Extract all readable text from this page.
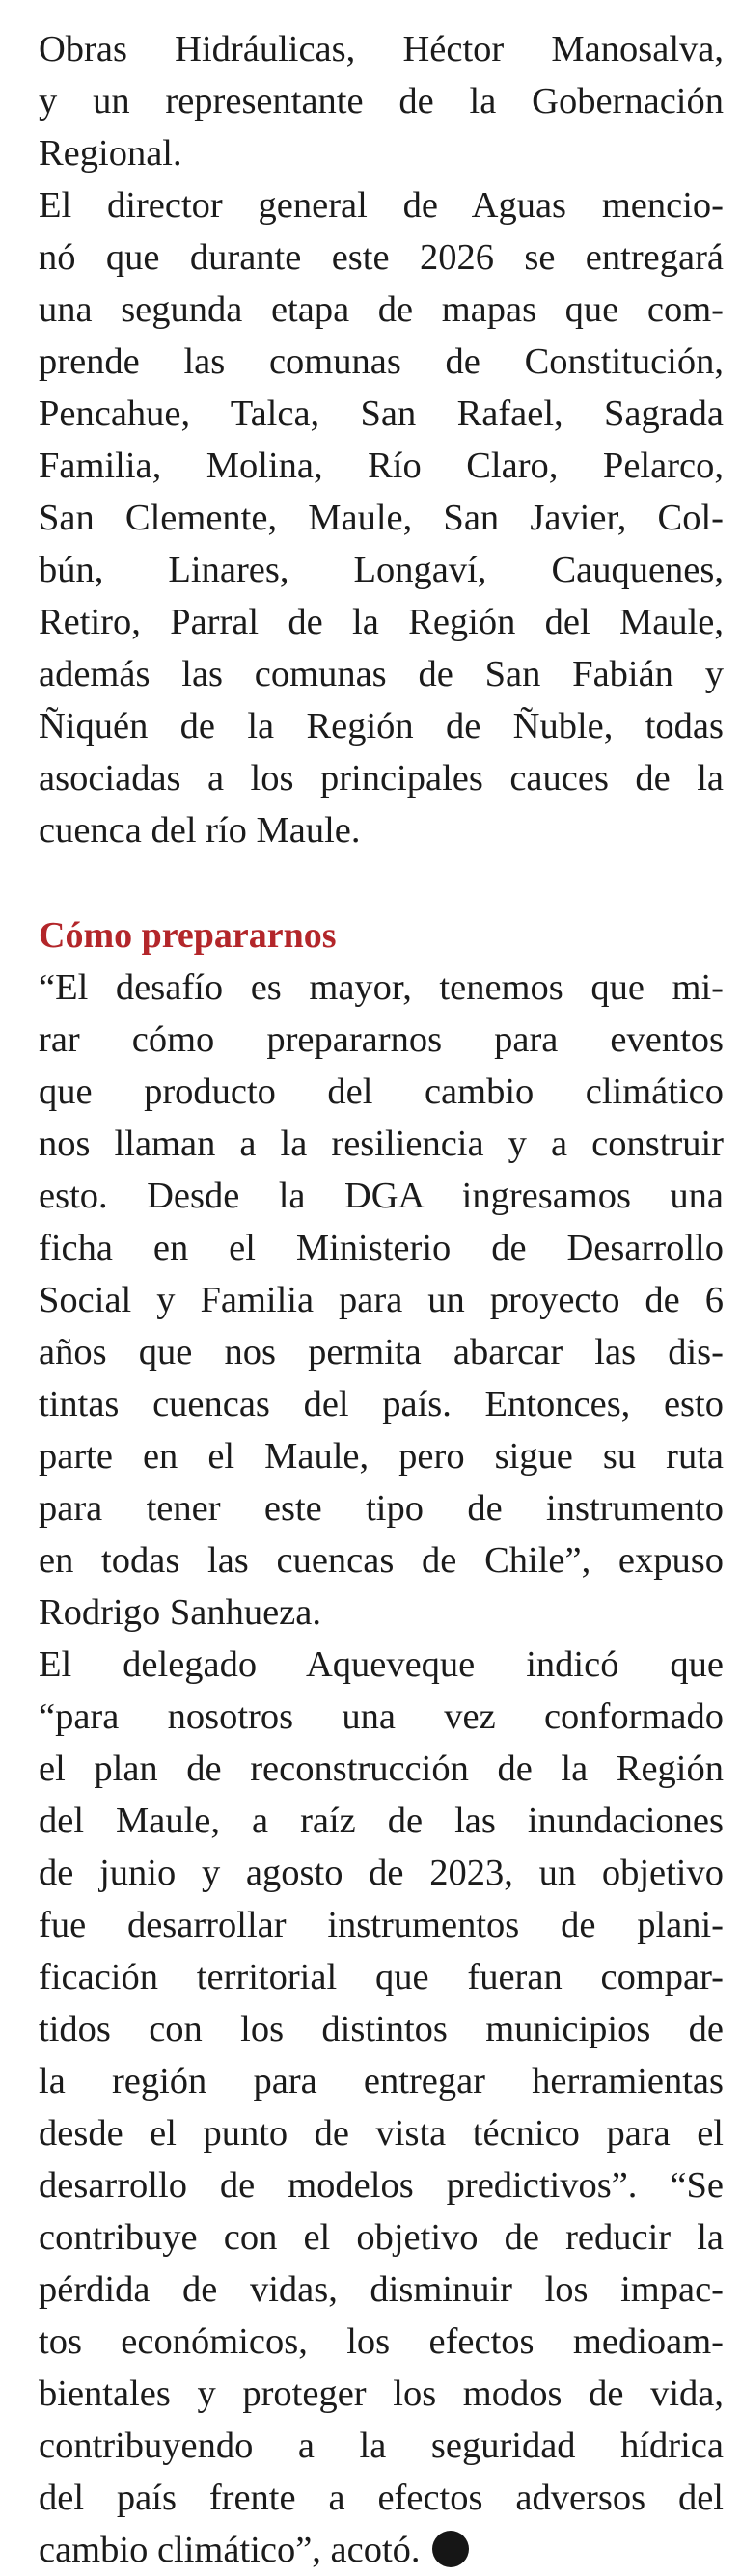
Obras Hidráulicas, Héctor Manosalva,
y un representante de la Gobernación
Regional.
El director general de Aguas mencio-
nó que durante este 2026 se entregará
una segunda etapa de mapas que com-
prende las comunas de Constitución,
Pencahue, Talca, San Rafael, Sagrada
Familia, Molina, Río Claro, Pelarco,
San Clemente, Maule, San Javier, Col-
bún, Linares, Longaví, Cauquenes,
Retiro, Parral de la Región del Maule,
además las comunas de San Fabián y
Ñiquén de la Región de Ñuble, todas
asociadas a los principales cauces de la
cuenca del río Maule.
Cómo prepararnos
“El desafío es mayor, tenemos que mi-
rar cómo prepararnos para eventos
que producto del cambio climático
nos llaman a la resiliencia y a construir
esto. Desde la DGA ingresamos una
ficha en el Ministerio de Desarrollo
Social y Familia para un proyecto de 6
años que nos permita abarcar las dis-
tintas cuencas del país. Entonces, esto
parte en el Maule, pero sigue su ruta
para tener este tipo de instrumento
en todas las cuencas de Chile”, expuso
Rodrigo Sanhueza.
El delegado Aqueveque indicó que
“para nosotros una vez conformado
el plan de reconstrucción de la Región
del Maule, a raíz de las inundaciones
de junio y agosto de 2023, un objetivo
fue desarrollar instrumentos de plani-
ficación territorial que fueran compar-
tidos con los distintos municipios de
la región para entregar herramientas
desde el punto de vista técnico para el
desarrollo de modelos predictivos”. “Se
contribuye con el objetivo de reducir la
pérdida de vidas, disminuir los impac-
tos económicos, los efectos medioam-
bientales y proteger los modos de vida,
contribuyendo a la seguridad hídrica
del país frente a efectos adversos del
cambio climático”, acotó.
